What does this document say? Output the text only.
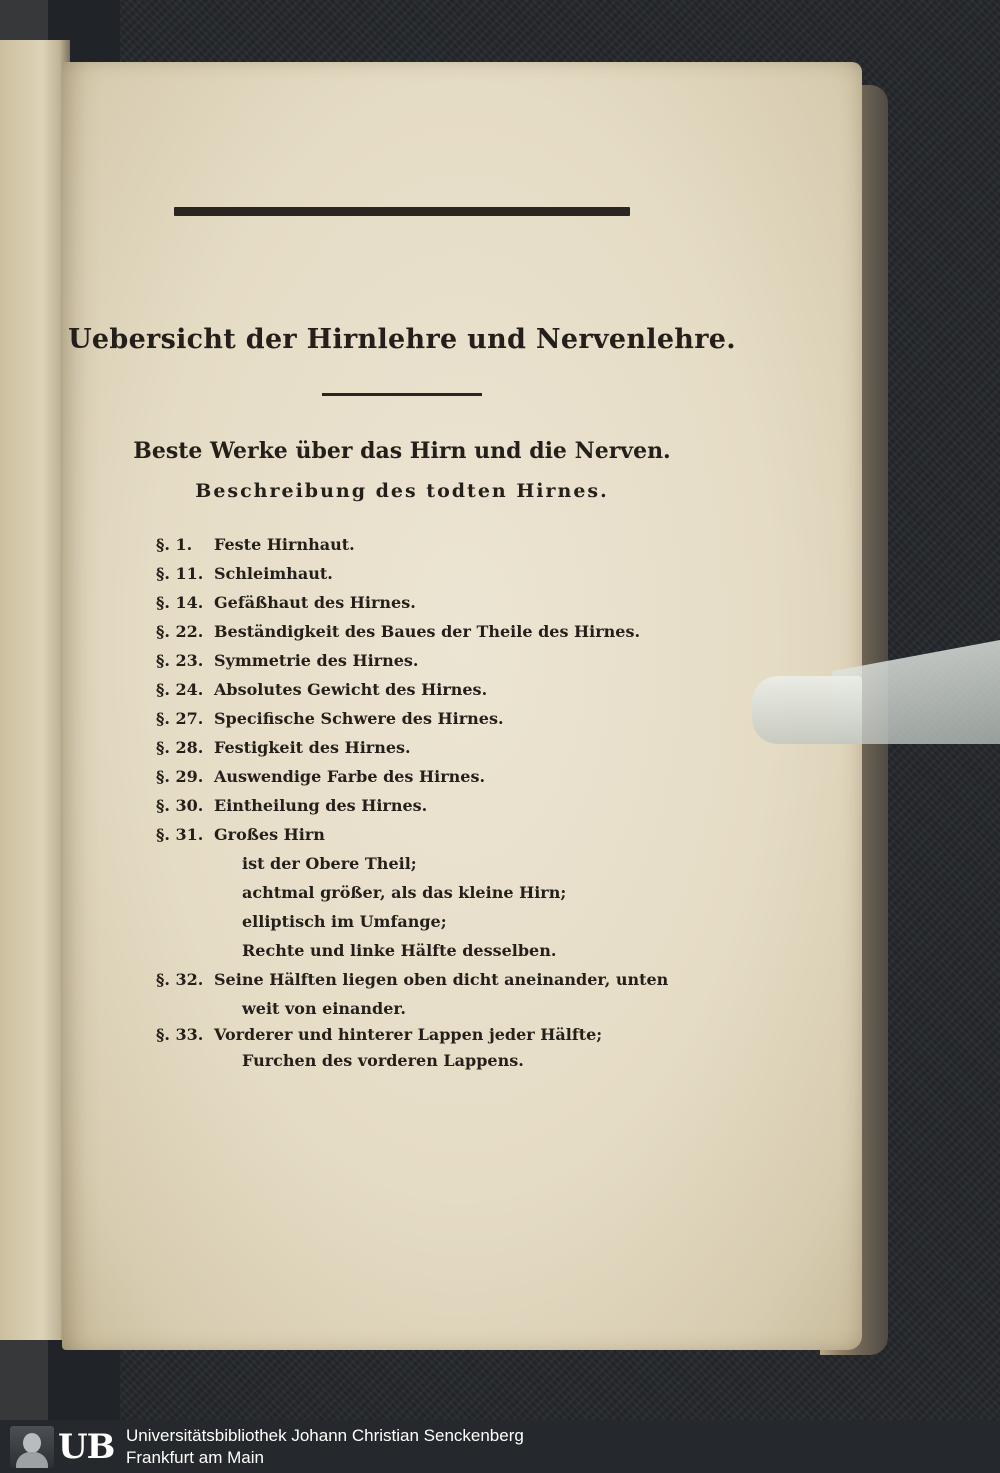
Uebersicht der Hirnlehre und Nervenlehre.
Beste Werke über das Hirn und die Nerven.
Beschreibung des todten Hirnes.
§. 1. Feste Hirnhaut.
§. 11. Schleimhaut.
§. 14. Gefäßhaut des Hirnes.
§. 22. Beständigkeit des Baues der Theile des Hirnes.
§. 23. Symmetrie des Hirnes.
§. 24. Absolutes Gewicht des Hirnes.
§. 27. Specifische Schwere des Hirnes.
§. 28. Festigkeit des Hirnes.
§. 29. Auswendige Farbe des Hirnes.
§. 30. Eintheilung des Hirnes.
§. 31. Großes Hirn
ist der Obere Theil;
achtmal größer, als das kleine Hirn;
elliptisch im Umfange;
Rechte und linke Hälfte desselben.
§. 32. Seine Hälften liegen oben dicht aneinander, unten
weit von einander.
§. 33. Vorderer und hinterer Lappen jeder Hälfte;
Furchen des vorderen Lappens.
UB Universitätsbibliothek Johann Christian Senckenberg
Frankfurt am Main
